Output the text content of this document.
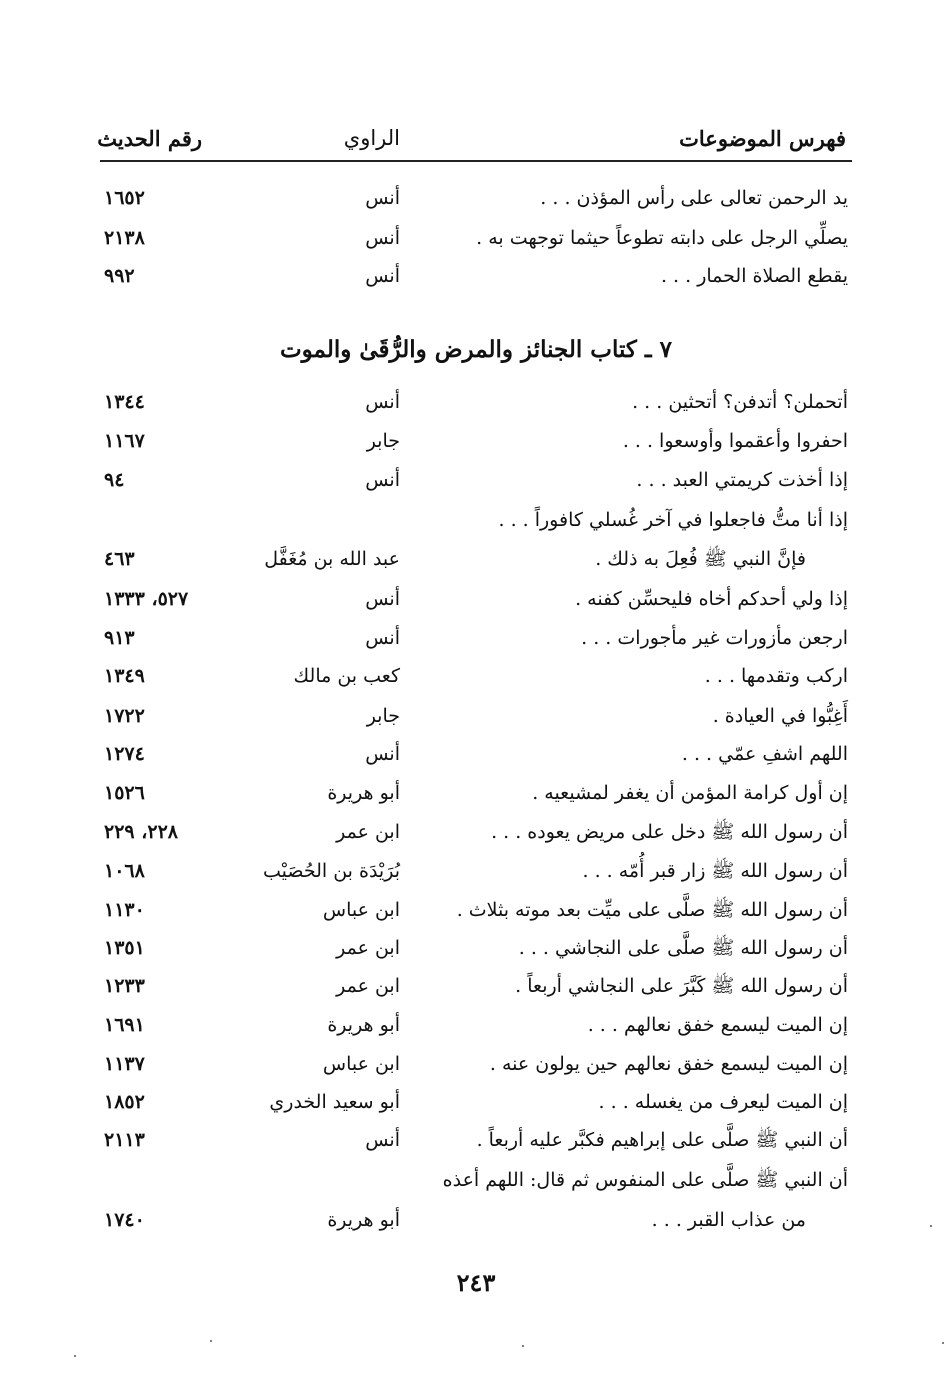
فهرس الموضوعات
الراوي
رقم الحديث
يد الرحمن تعالى على رأس المؤذن . . .
أنس
١٦٥٢
يصلِّي الرجل على دابته تطوعاً حيثما توجهت به .
أنس
٢١٣٨
يقطع الصلاة الحمار . . .
أنس
٩٩٢
٧ ـ كتاب الجنائز والمرض والرُّقَىٰ والموت
أتحملن؟ أتدفن؟ أتحثين . . .
أنس
١٣٤٤
احفروا وأعقموا وأوسعوا . . .
جابر
١١٦٧
إذا أخذت كريمتي العبد . . .
أنس
٩٤
إذا أنا متُّ فاجعلوا في آخر غُسلي كافوراً . . .
فإنَّ النبي ﷺ فُعِلَ به ذلك .
عبد الله بن مُغَفَّل
٤٦٣
إذا ولي أحدكم أخاه فليحسِّن كفنه .
أنس
٥٢٧، ١٣٣٣
ارجعن مأزورات غير مأجورات . . .
أنس
٩١٣
اركب وتقدمها . . .
كعب بن مالك
١٣٤٩
أَغِبُّوا في العيادة .
جابر
١٧٢٢
اللهم اشفِ عمّي . . .
أنس
١٢٧٤
إن أول كرامة المؤمن أن يغفر لمشيعيه .
أبو هريرة
١٥٢٦
أن رسول الله ﷺ دخل على مريض يعوده . . .
ابن عمر
٢٢٨، ٢٢٩
أن رسول الله ﷺ زار قبر أُمّه . . .
بُرَيْدَة بن الحُصَيْب
١٠٦٨
أن رسول الله ﷺ صلَّى على ميِّت بعد موته بثلاث .
ابن عباس
١١٣٠
أن رسول الله ﷺ صلَّى على النجاشي . . .
ابن عمر
١٣٥١
أن رسول الله ﷺ كَبَّرَ على النجاشي أربعاً .
ابن عمر
١٢٣٣
إن الميت ليسمع خفق نعالهم . . .
أبو هريرة
١٦٩١
إن الميت ليسمع خفق نعالهم حين يولون عنه .
ابن عباس
١١٣٧
إن الميت ليعرف من يغسله . . .
أبو سعيد الخدري
١٨٥٢
أن النبي ﷺ صلَّى على إبراهيم فكبَّر عليه أربعاً .
أنس
٢١١٣
أن النبي ﷺ صلَّى على المنفوس ثم قال: اللهم أعذه
من عذاب القبر . . .
أبو هريرة
١٧٤٠
٢٤٣
